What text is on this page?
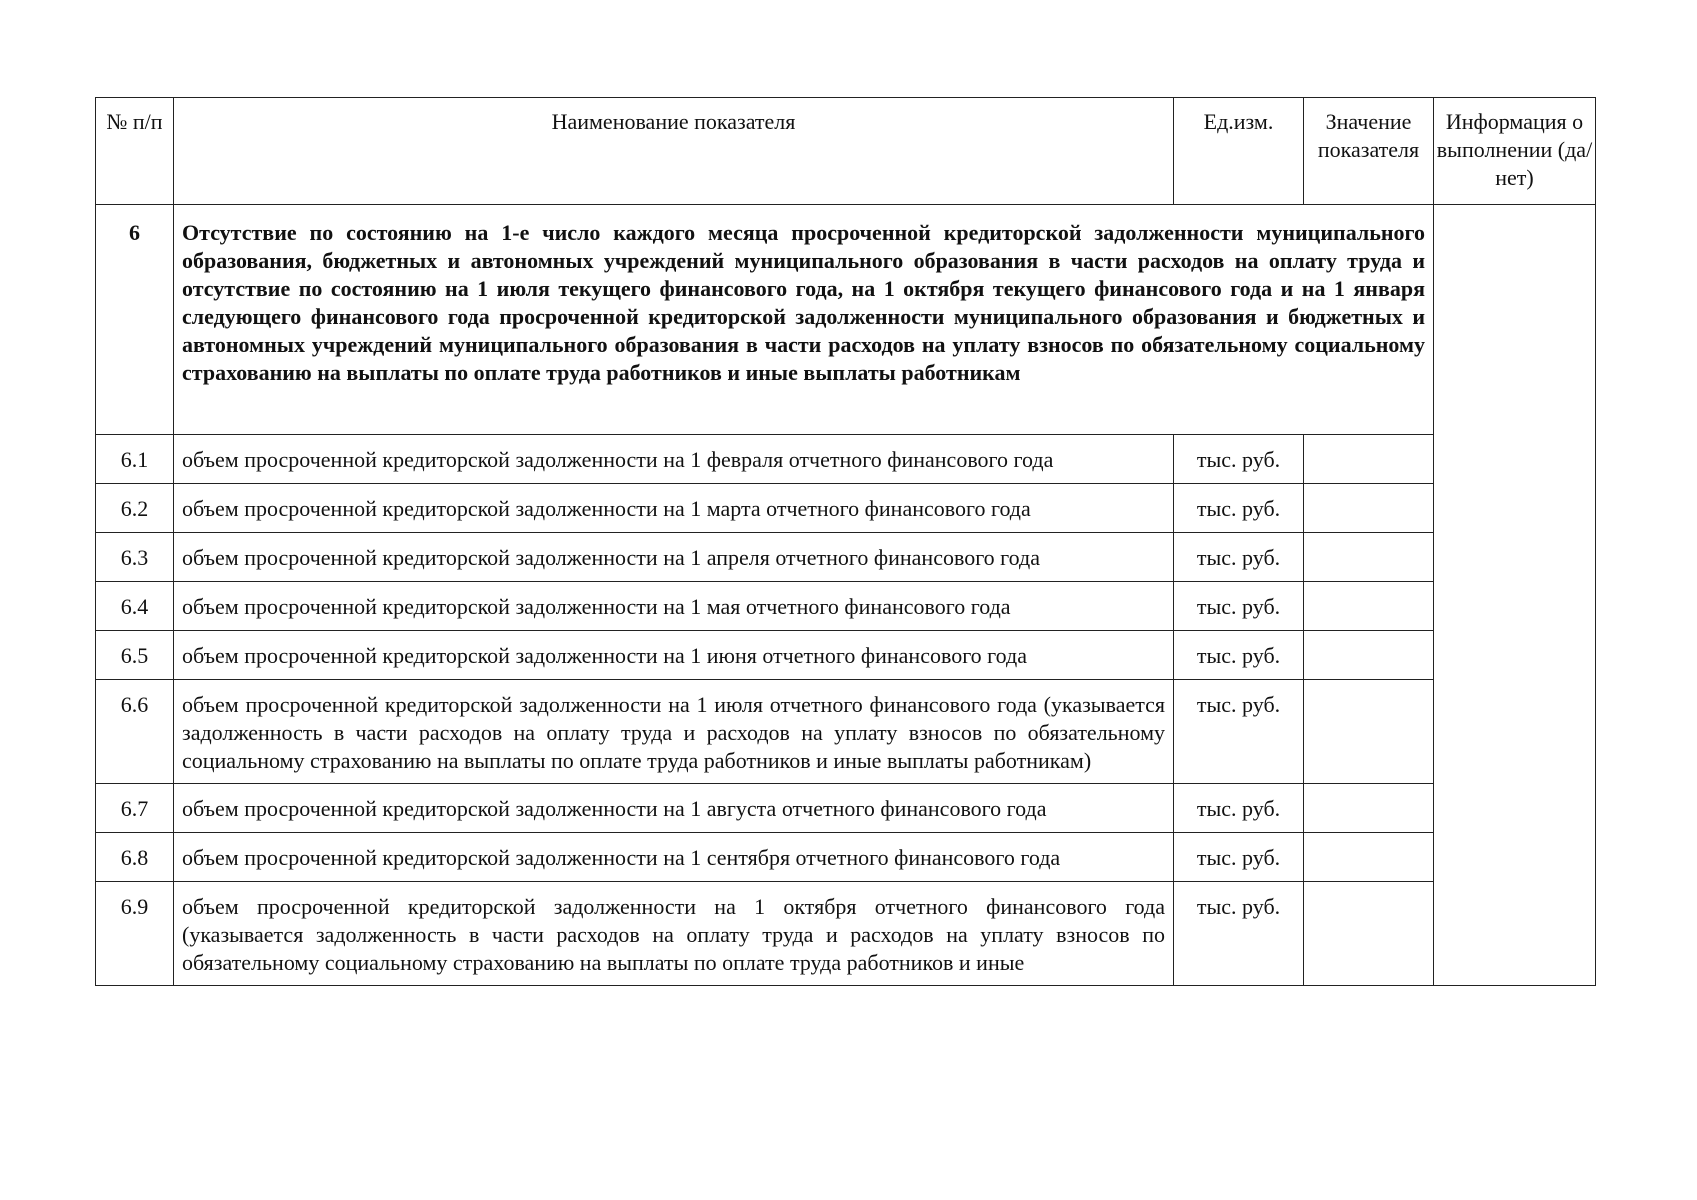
№ п/п	Наименование показателя	Ед.изм.	Значение показателя	Информация о выполнении (да/ нет)
6	Отсутствие по состоянию на 1-е число каждого месяца просроченной кредиторской задолженности муниципального образования, бюджетных и автономных учреждений муниципального образования в части расходов на оплату труда и отсутствие по состоянию на 1 июля текущего финансового года, на 1 октября текущего финансового года и на 1 января следующего финансового года просроченной кредиторской задолженности муниципального образования и бюджетных и автономных учреждений муниципального образования в части расходов на уплату взносов по обязательному социальному страхованию на выплаты по оплате труда работников и иные выплаты работникам			
6.1	объем просроченной кредиторской задолженности на 1 февраля отчетного финансового года	тыс. руб.		
6.2	объем просроченной кредиторской задолженности на 1 марта отчетного финансового года	тыс. руб.		
6.3	объем просроченной кредиторской задолженности на 1 апреля отчетного финансового года	тыс. руб.		
6.4	объем просроченной кредиторской задолженности на 1 мая отчетного финансового года	тыс. руб.		
6.5	объем просроченной кредиторской задолженности на 1 июня отчетного финансового года	тыс. руб.		
6.6	объем просроченной кредиторской задолженности на 1 июля отчетного финансового года (указывается задолженность в части расходов на оплату труда и расходов на уплату взносов по обязательному социальному страхованию на выплаты по оплате труда работников и иные выплаты работникам)	тыс. руб.		
6.7	объем просроченной кредиторской задолженности на 1 августа отчетного финансового года	тыс. руб.		
6.8	объем просроченной кредиторской задолженности на 1 сентября отчетного финансового года	тыс. руб.		
6.9	объем просроченной кредиторской задолженности на 1 октября отчетного финансового года (указывается задолженность в части расходов на оплату труда и расходов на уплату взносов по обязательному социальному страхованию на выплаты по оплате труда работников и иные	тыс. руб.		
